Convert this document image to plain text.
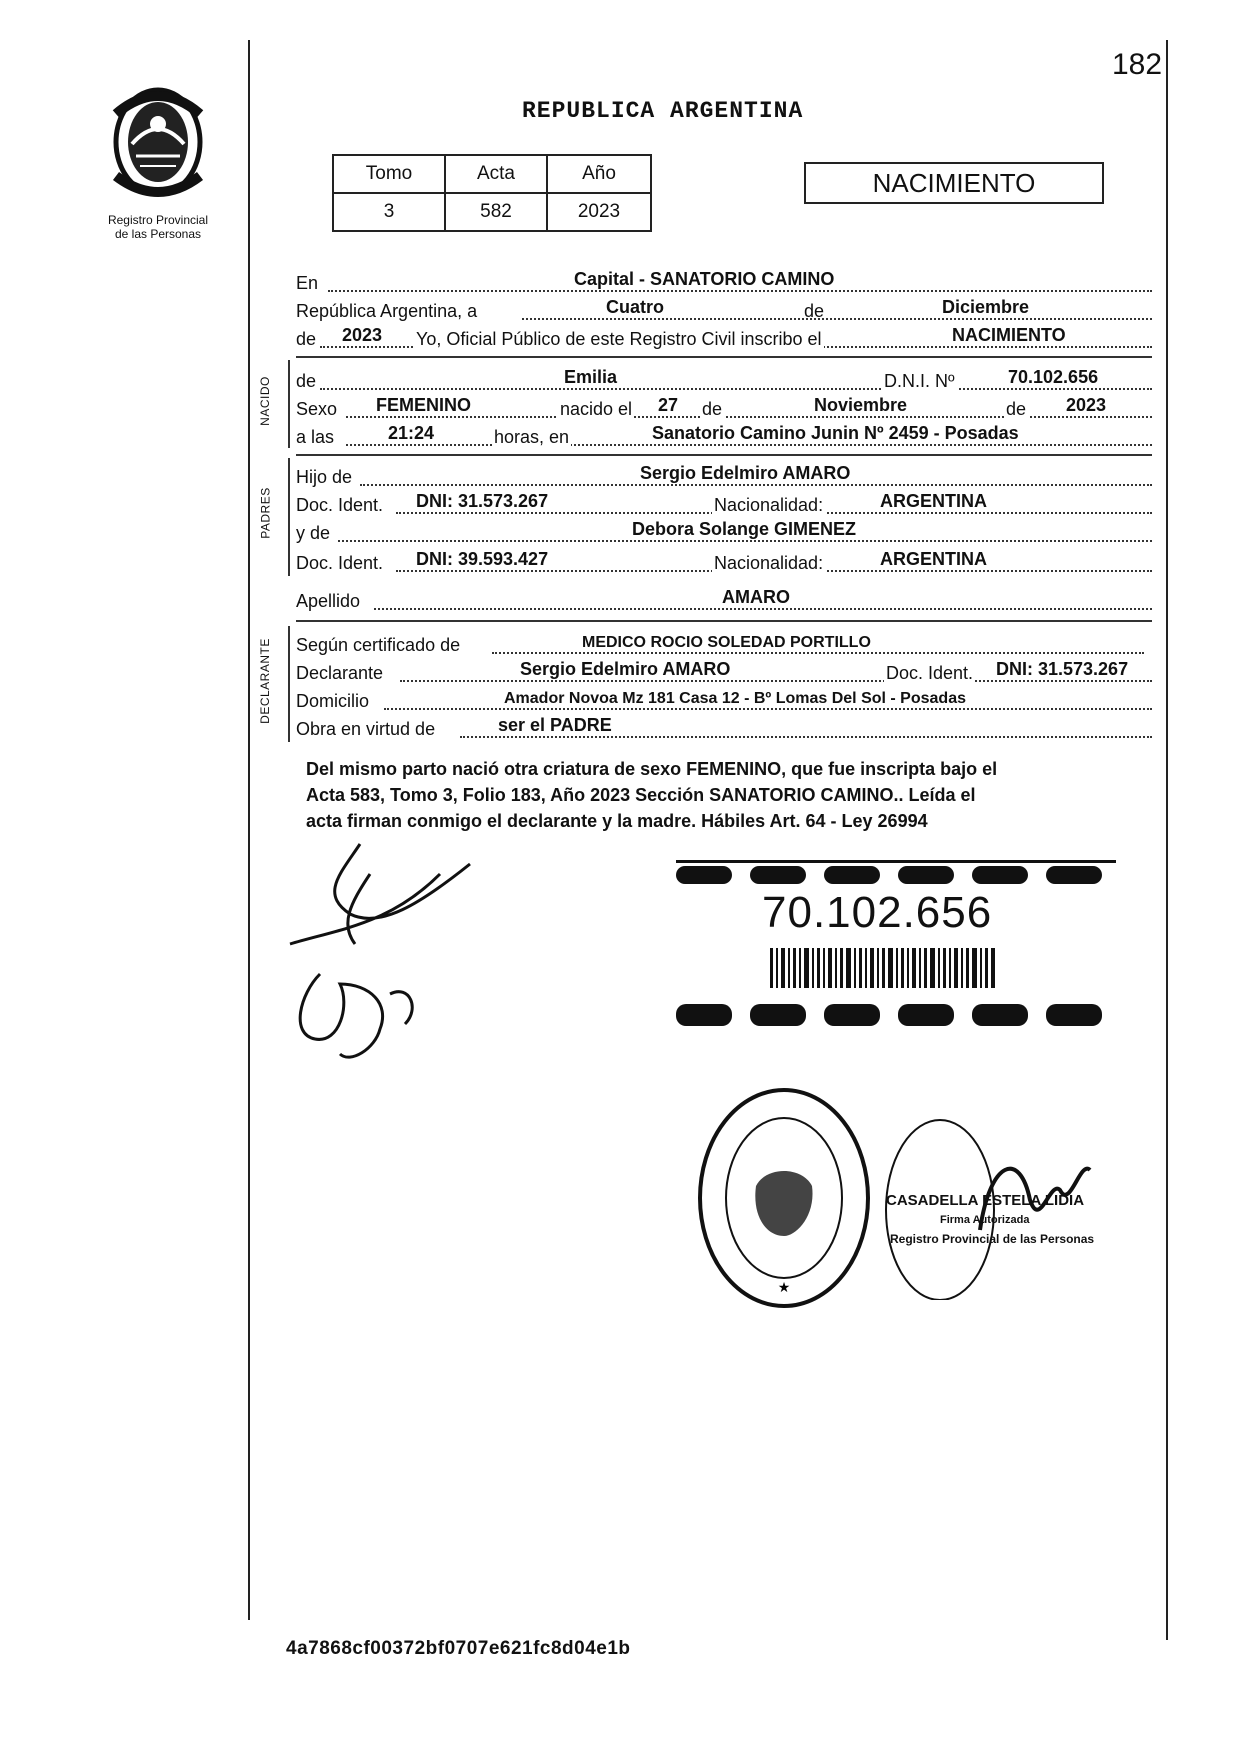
182
Registro Provincial
de las Personas
REPUBLICA ARGENTINA
Tomo	Acta	Año
3	582	2023
NACIMIENTO
En	Capital - SANATORIO CAMINO
República Argentina, a	Cuatro	de	Diciembre
de 2023 Yo, Oficial Público de este Registro Civil inscribo el	NACIMIENTO
NACIDO de	Emilia	D.N.I. Nº	70.102.656
Sexo FEMENINO	nacido el 27 de	Noviembre	de 2023
a las	21:24	horas, en	Sanatorio Camino Junin Nº 2459 - Posadas
PADRES
Hijo de	Sergio Edelmiro AMARO
Doc. Ident. DNI: 31.573.267	Nacionalidad:	ARGENTINA
y de	Debora Solange GIMENEZ
Doc. Ident. DNI: 39.593.427	Nacionalidad:	ARGENTINA
Apellido	AMARO
DECLARANTE Según certificado de	MEDICO ROCIO SOLEDAD PORTILLO
Declarante	Sergio Edelmiro AMARO	Doc. Ident. DNI: 31.573.267
Domicilio	Amador Novoa Mz 181 Casa 12 - Bº Lomas Del Sol - Posadas
Obra en virtud de	ser el PADRE
Del mismo parto nació otra criatura de sexo FEMENINO, que fue inscripta bajo el
Acta 583, Tomo 3, Folio 183, Año 2023 Sección SANATORIO CAMINO.. Leída el
acta firman conmigo el declarante y la madre. Hábiles Art. 64 - Ley 26994
70.102.656
★
CASADELLA ESTELA LIDIA
Firma Autorizada
Registro Provincial de las Personas
4a7868cf00372bf0707e621fc8d04e1b
